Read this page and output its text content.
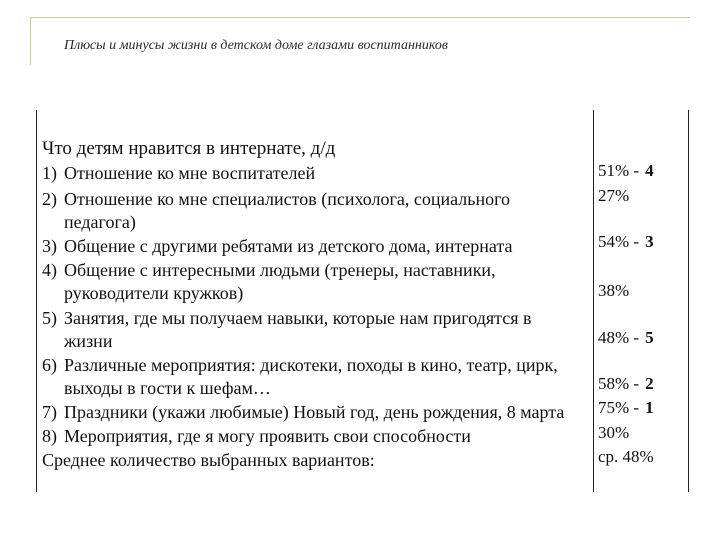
Плюсы и минусы жизни в детском доме глазами воспитанников
Что детям нравится в интернате, д/д
1) Отношение ко мне воспитателей
2) Отношение ко мне специалистов (психолога, социального
педагога)
3) Общение с другими ребятами из детского дома, интерната
4) Общение с интересными людьми (тренеры, наставники,
руководители кружков)
5) Занятия, где мы получаем навыки, которые нам пригодятся в
жизни
6) Различные мероприятия: дискотеки, походы в кино, театр, цирк,
выходы в гости к шефам…
7) Праздники (укажи любимые) Новый год, день рождения, 8 марта
8) Мероприятия, где я могу проявить свои способности
Среднее количество выбранных вариантов:
51% - 4
27%
54% - 3
38%
48% - 5
58% - 2
75% - 1
30%
ср. 48%
